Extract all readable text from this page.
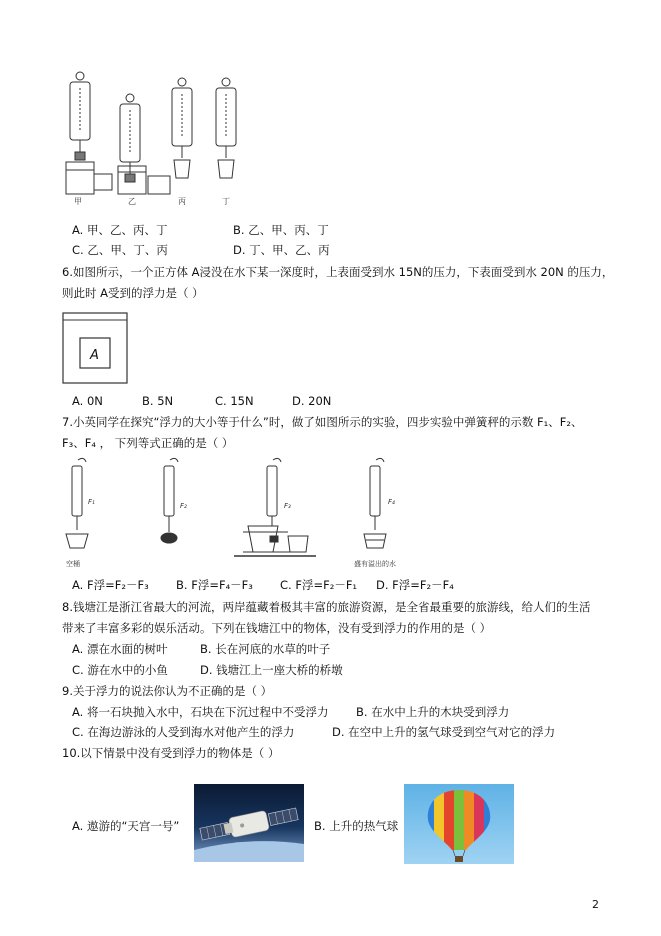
甲	乙	丙	丁
A. 甲、乙、丙、丁	B. 乙、甲、丙、丁
C. 乙、甲、丁、丙	D. 丁、甲、乙、丙
6.如图所示，一个正方体 A浸没在水下某一深度时，上表面受到水 15N的压力，下表面受到水 20N 的压力，
则此时 A受到的浮力是（ ）
A
A. 0N	B. 5N	C. 15N	D. 20N
7.小英同学在探究“浮力的大小等于什么”时，做了如图所示的实验，四步实验中弹簧秤的示数 F₁、F₂、
F₃、F₄ ， 下列等式正确的是（ ）
F₁	F₂	F₃	F₄
空桶	盛有溢出的水
A. F浮=F₂－F₃ B. F浮=F₄－F₃ C. F浮=F₂－F₁ D. F浮=F₂－F₄
8.钱塘江是浙江省最大的河流，两岸蕴藏着极其丰富的旅游资源，是全省最重要的旅游线，给人们的生活
带来了丰富多彩的娱乐活动。下列在钱塘江中的物体，没有受到浮力的作用的是（ ）
A. 漂在水面的树叶	B. 长在河底的水草的叶子
C. 游在水中的小鱼	D. 钱塘江上一座大桥的桥墩
9.关于浮力的说法你认为不正确的是（ ）
A. 将一石块抛入水中，石块在下沉过程中不受浮力 B. 在水中上升的木块受到浮力
C. 在海边游泳的人受到海水对他产生的浮力	D. 在空中上升的氢气球受到空气对它的浮力
10.以下情景中没有受到浮力的物体是（ ）
A. 遨游的“天宫一号”	B. 上升的热气球
2
